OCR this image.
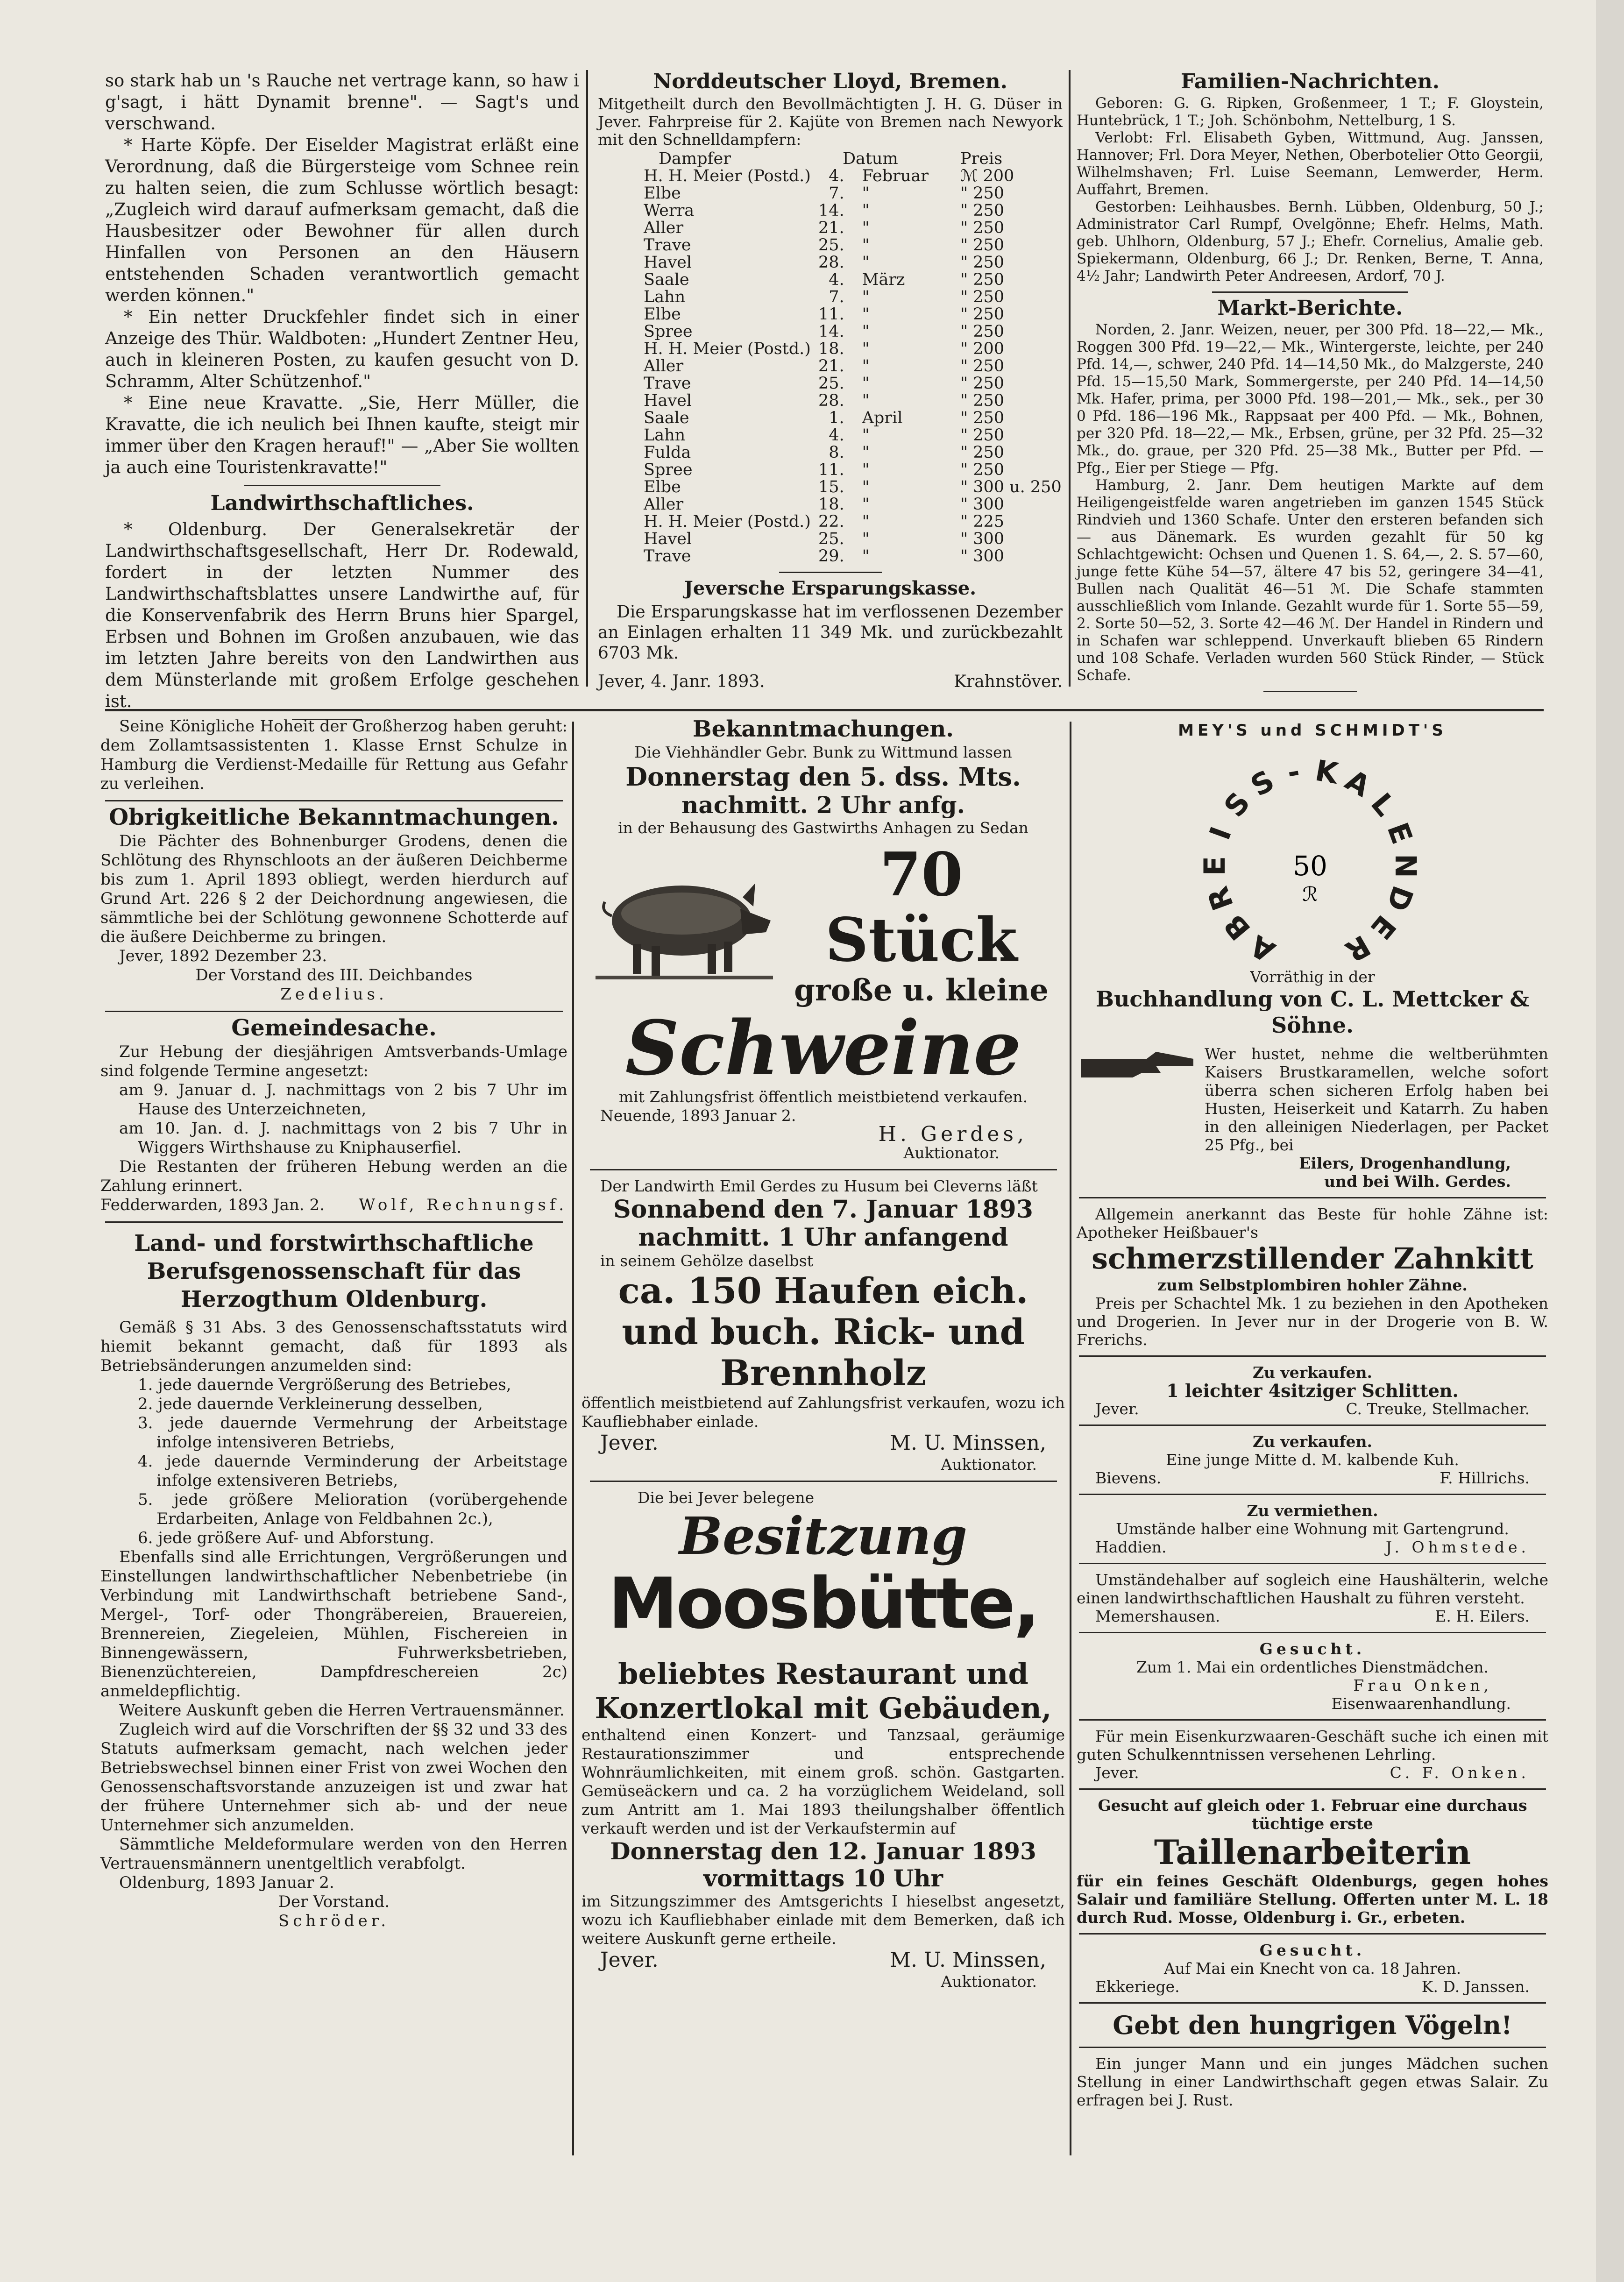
so stark hab un 's Rauche net vertrage kann, so haw i g'sagt, i hätt Dynamit brenne". — Sagt's und verschwand.

* Harte Köpfe. Der Eiselder Magistrat erläßt eine Verordnung, daß die Bürgersteige vom Schnee rein zu halten seien, die zum Schlusse wörtlich besagt: „Zugleich wird darauf aufmerksam gemacht, daß die Hausbesitzer oder Bewohner für allen durch Hinfallen von Personen an den Häusern entstehenden Schaden verantwortlich gemacht werden können."

* Ein netter Druckfehler findet sich in einer Anzeige des Thür. Waldboten: „Hundert Zentner Heu, auch in kleineren Posten, zu kaufen gesucht von D. Schramm, Alter Schützenhof."

* Eine neue Kravatte. „Sie, Herr Müller, die Kravatte, die ich neulich bei Ihnen kaufte, steigt mir immer über den Kragen herauf!" — „Aber Sie wollten ja auch eine Touristenkravatte!"

Landwirthschaftliches.

* Oldenburg. Der Generalsekretär der Landwirthschaftsgesellschaft, Herr Dr. Rodewald, fordert in der letzten Nummer des Landwirthschaftsblattes unsere Landwirthe auf, für die Konservenfabrik des Herrn Bruns hier Spargel, Erbsen und Bohnen im Großen anzubauen, wie das im letzten Jahre bereits von den Landwirthen aus dem Münsterlande mit großem Erfolge geschehen ist.

Norddeutscher Lloyd, Bremen.

Mitgetheilt durch den Bevollmächtigten J. H. G. Düser in Jever. Fahrpreise für 2. Kajüte von Bremen nach Newyork mit den Schnelldampfern:

Dampfer	Datum		Preis
H. H. Meier (Postd.)	4.	Februar	ℳ 200
Elbe	7.	"	" 250
Werra	14.	"	" 250
Aller	21.	"	" 250
Trave	25.	"	" 250
Havel	28.	"	" 250
Saale	4.	März	" 250
Lahn	7.	"	" 250
Elbe	11.	"	" 250
Spree	14.	"	" 250
H. H. Meier (Postd.)	18.	"	" 200
Aller	21.	"	" 250
Trave	25.	"	" 250
Havel	28.	"	" 250
Saale	1.	April	" 250
Lahn	4.	"	" 250
Fulda	8.	"	" 250
Spree	11.	"	" 250
Elbe	15.	"	" 300 u. 250
Aller	18.	"	" 300
H. H. Meier (Postd.)	22.	"	" 225
Havel	25.	"	" 300
Trave	29.	"	" 300
Jeversche Ersparungskasse.

Die Ersparungskasse hat im verflossenen Dezember an Einlagen erhalten 11 349 Mk. und zurückbezahlt 6703 Mk.

Jever, 4. Janr. 1893.	Krahnstöver.
Familien-Nachrichten.

Geboren: G. G. Ripken, Großenmeer, 1 T.; F. Gloystein, Huntebrück, 1 T.; Joh. Schönbohm, Nettelburg, 1 S.

Verlobt: Frl. Elisabeth Gyben, Wittmund, Aug. Janssen, Hannover; Frl. Dora Meyer, Nethen, Oberbotelier Otto Georgii, Wilhelmshaven; Frl. Luise Seemann, Lemwerder, Herm. Auffahrt, Bremen.

Gestorben: Leihhausbes. Bernh. Lübben, Oldenburg, 50 J.; Administrator Carl Rumpf, Ovelgönne; Ehefr. Helms, Math. geb. Uhlhorn, Oldenburg, 57 J.; Ehefr. Cornelius, Amalie geb. Spiekermann, Oldenburg, 66 J.; Dr. Renken, Berne, T. Anna, 4½ Jahr; Landwirth Peter Andreesen, Ardorf, 70 J.

Markt-Berichte.

Norden, 2. Janr. Weizen, neuer, per 300 Pfd. 18—22,— Mk., Roggen 300 Pfd. 19—22,— Mk., Wintergerste, leichte, per 240 Pfd. 14,—, schwer, 240 Pfd. 14—14,50 Mk., do Malzgerste, 240 Pfd. 15—15,50 Mark, Sommergerste, per 240 Pfd. 14—14,50 Mk. Hafer, prima, per 3000 Pfd. 198—201,— Mk., sek., per 30 0 Pfd. 186—196 Mk., Rappsaat per 400 Pfd. — Mk., Bohnen, per 320 Pfd. 18—22,— Mk., Erbsen, grüne, per 32 Pfd. 25—32 Mk., do. graue, per 320 Pfd. 25—38 Mk., Butter per Pfd. — Pfg., Eier per Stiege — Pfg.

Hamburg, 2. Janr. Dem heutigen Markte auf dem Heiligengeistfelde waren angetrieben im ganzen 1545 Stück Rindvieh und 1360 Schafe. Unter den ersteren befanden sich — aus Dänemark. Es wurden gezahlt für 50 kg Schlachtgewicht: Ochsen und Quenen 1. S. 64,—, 2. S. 57—60, junge fette Kühe 54—57, ältere 47 bis 52, geringere 34—41, Bullen nach Qualität 46—51 ℳ. Die Schafe stammten ausschließlich vom Inlande. Gezahlt wurde für 1. Sorte 55—59, 2. Sorte 50—52, 3. Sorte 42—46 ℳ. Der Handel in Rindern und in Schafen war schleppend. Unverkauft blieben 65 Rindern und 108 Schafe. Verladen wurden 560 Stück Rinder, — Stück Schafe.

Seine Königliche Hoheit der Großherzog haben geruht: dem Zollamtsassistenten 1. Klasse Ernst Schulze in Hamburg die Verdienst-Medaille für Rettung aus Gefahr zu verleihen.

Obrigkeitliche Bekanntmachungen.

Die Pächter des Bohnenburger Grodens, denen die Schlötung des Rhynschloots an der äußeren Deichberme bis zum 1. April 1893 obliegt, werden hierdurch auf Grund Art. 226 § 2 der Deichordnung angewiesen, die sämmtliche bei der Schlötung gewonnene Schotterde auf die äußere Deichberme zu bringen.

Jever, 1892 Dezember 23.

Der Vorstand des III. Deichbandes

Zedelius.

Gemeindesache.

Zur Hebung der diesjährigen Amtsverbands-Umlage sind folgende Termine angesetzt:

am 9. Januar d. J. nachmittags von 2 bis 7 Uhr im Hause des Unterzeichneten,

am 10. Jan. d. J. nachmittags von 2 bis 7 Uhr in Wiggers Wirthshause zu Kniphauserfiel.

Die Restanten der früheren Hebung werden an die Zahlung erinnert.

Fedderwarden, 1893 Jan. 2. Wolf, Rechnungsf.
Land- und forstwirthschaftliche Berufsgenossenschaft für das Herzogthum Oldenburg.

Gemäß § 31 Abs. 3 des Genossenschaftsstatuts wird hiemit bekannt gemacht, daß für 1893 als Betriebsänderungen anzumelden sind:

1. jede dauernde Vergrößerung des Betriebes,

2. jede dauernde Verkleinerung desselben,

3. jede dauernde Vermehrung der Arbeitstage infolge intensiveren Betriebs,

4. jede dauernde Verminderung der Arbeitstage infolge extensiveren Betriebs,

5. jede größere Melioration (vorübergehende Erdarbeiten, Anlage von Feldbahnen 2c.),

6. jede größere Auf- und Abforstung.

Ebenfalls sind alle Errichtungen, Vergrößerungen und Einstellungen landwirthschaftlicher Nebenbetriebe (in Verbindung mit Landwirthschaft betriebene Sand-, Mergel-, Torf- oder Thongräbereien, Brauereien, Brennereien, Ziegeleien, Mühlen, Fischereien in Binnengewässern, Fuhrwerksbetrieben, Bienenzüchtereien, Dampfdreschereien 2c) anmeldepflichtig.

Weitere Auskunft geben die Herren Vertrauensmänner.

Zugleich wird auf die Vorschriften der §§ 32 und 33 des Statuts aufmerksam gemacht, nach welchen jeder Betriebswechsel binnen einer Frist von zwei Wochen den Genossenschaftsvorstande anzuzeigen ist und zwar hat der frühere Unternehmer sich ab- und der neue Unternehmer sich anzumelden.

Sämmtliche Meldeformulare werden von den Herren Vertrauensmännern unentgeltlich verabfolgt.

Oldenburg, 1893 Januar 2.

Der Vorstand.

Schröder.

Bekanntmachungen.

Die Viehhändler Gebr. Bunk zu Wittmund lassen

Donnerstag den 5. dss. Mts.

nachmitt. 2 Uhr anfg.

in der Behausung des Gastwirths Anhagen zu Sedan

70 Stück

große u. kleine

Schweine

mit Zahlungsfrist öffentlich meistbietend verkaufen.

Neuende, 1893 Januar 2.

H. Gerdes,

Auktionator.

Der Landwirth Emil Gerdes zu Husum bei Cleverns läßt

Sonnabend den 7. Januar 1893

nachmitt. 1 Uhr anfangend

in seinem Gehölze daselbst

ca. 150 Haufen eich.

und buch. Rick- und

Brennholz

öffentlich meistbietend auf Zahlungsfrist verkaufen, wozu ich Kaufliebhaber einlade.

Jever.	M. U. Minssen,

Auktionator.

Die bei Jever belegene

Besitzung

Moosbütte,

beliebtes Restaurant und

Konzertlokal mit Gebäuden,

enthaltend einen Konzert- und Tanzsaal, geräumige Restaurationszimmer und entsprechende Wohnräumlichkeiten, mit einem groß. schön. Gastgarten. Gemüseäckern und ca. 2 ha vorzüglichem Weideland, soll zum Antritt am 1. Mai 1893 theilungshalber öffentlich verkauft werden und ist der Verkaufstermin auf

Donnerstag den 12. Januar 1893

vormittags 10 Uhr

im Sitzungszimmer des Amtsgerichts I hieselbst angesetzt, wozu ich Kaufliebhaber einlade mit dem Bemerken, daß ich weitere Auskunft gerne ertheile.

Jever.	M. U. Minssen,

Auktionator.

MEY'S und SCHMIDT'S

A
B
R
E
I
S
S - K
A
L
E
N
D
E
R
50
ℛ

Vorräthig in der

Buchhandlung von C. L. Mettcker & Söhne.

Wer hustet, nehme die weltberühmten Kaisers Brustkaramellen, welche sofort überra schen sicheren Erfolg haben bei Husten, Heiserkeit und Katarrh. Zu haben in den alleinigen Niederlagen, per Packet 25 Pfg., bei

Eilers, Drogenhandlung,

und bei Wilh. Gerdes.

Allgemein anerkannt das Beste für hohle Zähne ist: Apotheker Heißbauer's

schmerzstillender Zahnkitt

zum Selbstplombiren hohler Zähne.

Preis per Schachtel Mk. 1 zu beziehen in den Apotheken und Drogerien. In Jever nur in der Drogerie von B. W. Frerichs.

Zu verkaufen.

1 leichter 4sitziger Schlitten.

Jever.	C. Treuke, Stellmacher.

Zu verkaufen.

Eine junge Mitte d. M. kalbende Kuh.

Bievens.	F. Hillrichs.

Zu vermiethen.

Umstände halber eine Wohnung mit Gartengrund.

Haddien.	J. Ohmstede.

Umständehalber auf sogleich eine Haushälterin, welche einen landwirthschaftlichen Haushalt zu führen versteht.

Memershausen.	E. H. Eilers.

Gesucht.

Zum 1. Mai ein ordentliches Dienstmädchen.

Frau Onken,

Eisenwaarenhandlung.

Für mein Eisenkurzwaaren-Geschäft suche ich einen mit guten Schulkenntnissen versehenen Lehrling.

Jever.	C. F. Onken.

Gesucht auf gleich oder 1. Februar eine durchaus tüchtige erste

Taillenarbeiterin

für ein feines Geschäft Oldenburgs, gegen hohes Salair und familiäre Stellung. Offerten unter M. L. 18 durch Rud. Mosse, Oldenburg i. Gr., erbeten.

Gesucht.

Auf Mai ein Knecht von ca. 18 Jahren.

Ekkeriege.	K. D. Janssen.

Gebt den hungrigen Vögeln!

Ein junger Mann und ein junges Mädchen suchen Stellung in einer Landwirthschaft gegen etwas Salair. Zu erfragen bei J. Rust.
